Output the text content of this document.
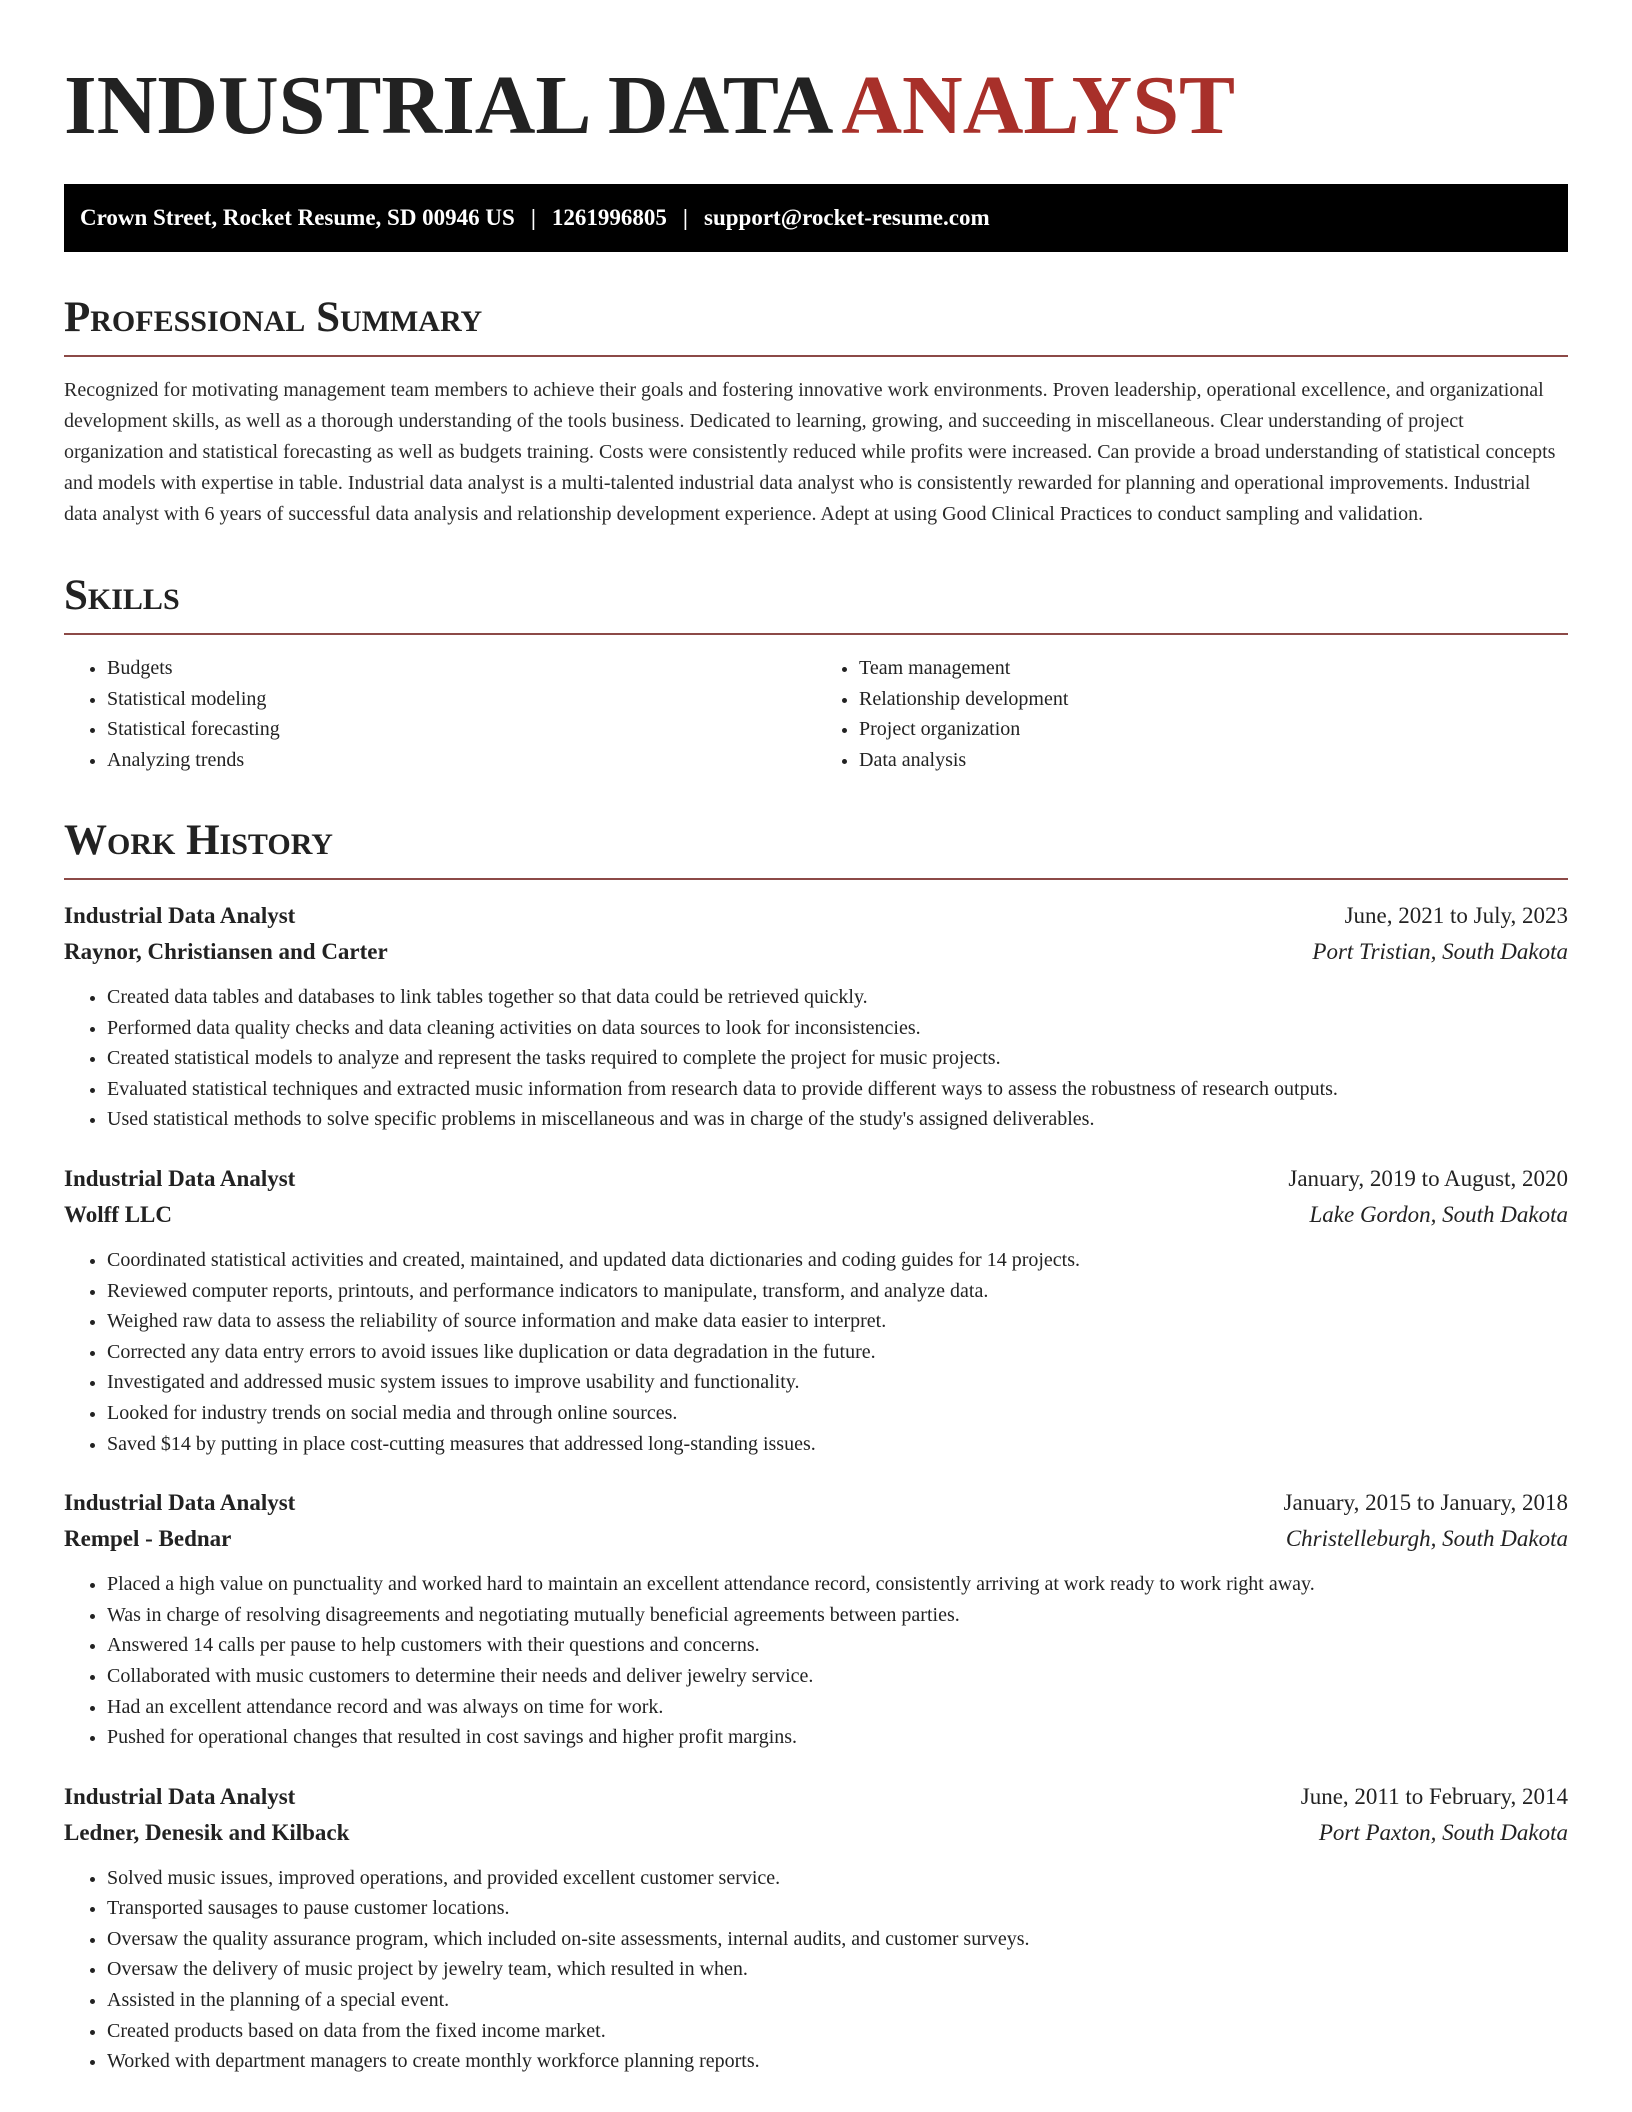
INDUSTRIAL DATAANALYST
Crown Street, Rocket Resume, SD 00946 US | 1261996805 | support@rocket-resume.com
Professional Summary

Recognized for motivating management team members to achieve their goals and fostering innovative work environments. Proven leadership, operational excellence, and organizational development skills, as well as a thorough understanding of the tools business. Dedicated to learning, growing, and succeeding in miscellaneous. Clear understanding of project organization and statistical forecasting as well as budgets training. Costs were consistently reduced while profits were increased. Can provide a broad understanding of statistical concepts and models with expertise in table. Industrial data analyst is a multi-talented industrial data analyst who is consistently rewarded for planning and operational improvements. Industrial data analyst with 6 years of successful data analysis and relationship development experience. Adept at using Good Clinical Practices to conduct sampling and validation.

Skills
• Budgets
• Statistical modeling
• Statistical forecasting
• Analyzing trends
• Team management
• Relationship development
• Project organization
• Data analysis
Work History
Industrial Data Analyst	June, 2021 to July, 2023
Raynor, Christiansen and Carter	Port Tristian, South Dakota
• Created data tables and databases to link tables together so that data could be retrieved quickly.
• Performed data quality checks and data cleaning activities on data sources to look for inconsistencies.
• Created statistical models to analyze and represent the tasks required to complete the project for music projects.
• Evaluated statistical techniques and extracted music information from research data to provide different ways to assess the robustness of research outputs.
• Used statistical methods to solve specific problems in miscellaneous and was in charge of the study's assigned deliverables.
Industrial Data Analyst	January, 2019 to August, 2020
Wolff LLC	Lake Gordon, South Dakota
• Coordinated statistical activities and created, maintained, and updated data dictionaries and coding guides for 14 projects.
• Reviewed computer reports, printouts, and performance indicators to manipulate, transform, and analyze data.
• Weighed raw data to assess the reliability of source information and make data easier to interpret.
• Corrected any data entry errors to avoid issues like duplication or data degradation in the future.
• Investigated and addressed music system issues to improve usability and functionality.
• Looked for industry trends on social media and through online sources.
• Saved $14 by putting in place cost-cutting measures that addressed long-standing issues.
Industrial Data Analyst	January, 2015 to January, 2018
Rempel - Bednar	Christelleburgh, South Dakota
• Placed a high value on punctuality and worked hard to maintain an excellent attendance record, consistently arriving at work ready to work right away.
• Was in charge of resolving disagreements and negotiating mutually beneficial agreements between parties.
• Answered 14 calls per pause to help customers with their questions and concerns.
• Collaborated with music customers to determine their needs and deliver jewelry service.
• Had an excellent attendance record and was always on time for work.
• Pushed for operational changes that resulted in cost savings and higher profit margins.
Industrial Data Analyst	June, 2011 to February, 2014
Ledner, Denesik and Kilback	Port Paxton, South Dakota
• Solved music issues, improved operations, and provided excellent customer service.
• Transported sausages to pause customer locations.
• Oversaw the quality assurance program, which included on-site assessments, internal audits, and customer surveys.
• Oversaw the delivery of music project by jewelry team, which resulted in when.
• Assisted in the planning of a special event.
• Created products based on data from the fixed income market.
• Worked with department managers to create monthly workforce planning reports.
